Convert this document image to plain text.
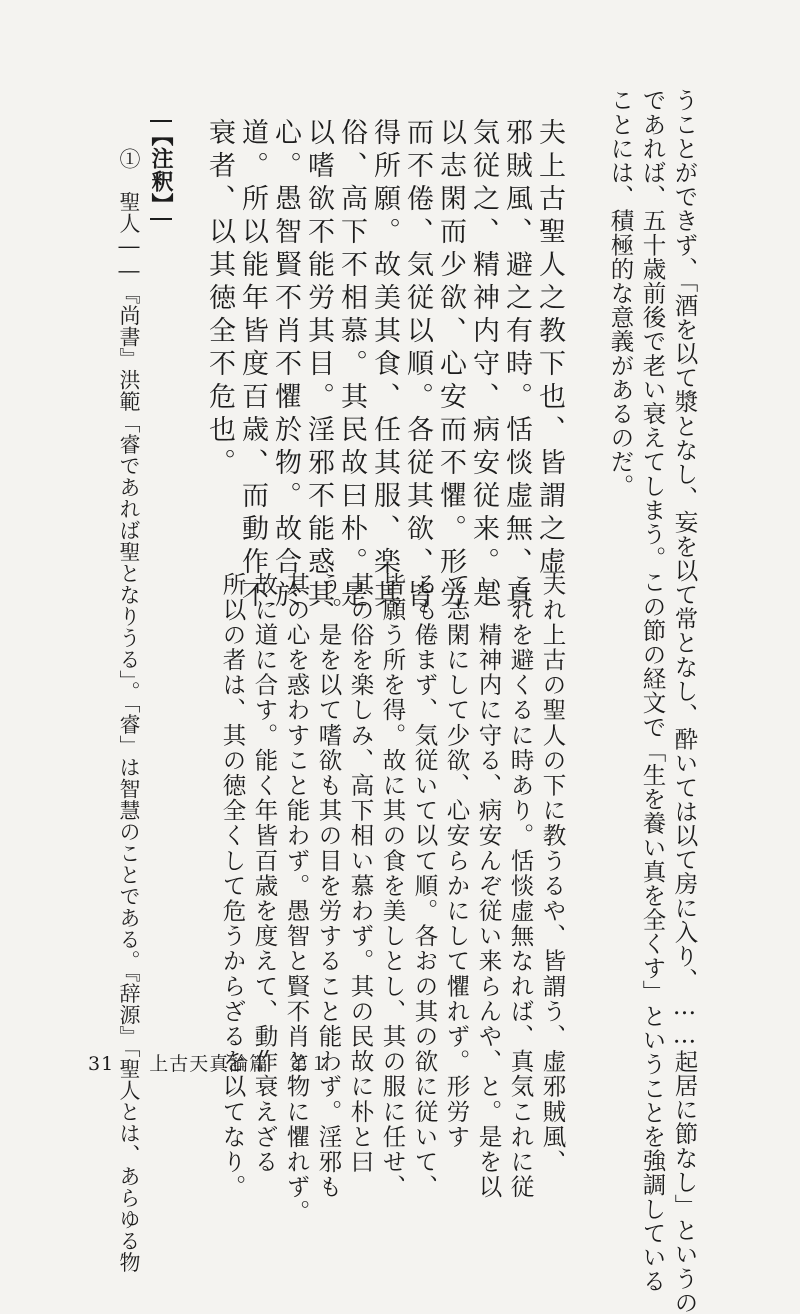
うことができず、「酒を以て漿となし、妄を以て常となし、酔いては以て房に入り、……起居に節なし」というの
であれば、五十歳前後で老い衰えてしまう。この節の経文で「生を養い真を全くす」ということを強調している
ことには、積極的な意義があるのだ。
夫れ上古の聖人の下に教うるや、皆謂う、虚邪賊風、
これを避くるに時あり。恬惔虚無なれば、真気これに従
い、精神内に守る、病安んぞ従い来らんや、と。是を以
て志閑にして少欲、心安らかにして懼れず。形労す
るも倦まず、気従いて以て順。各おの其の欲に従いて、
皆願う所を得。故に其の食を美しとし、其の服に任せ、
其の俗を楽しみ、高下相い慕わず。其の民故に朴と曰
う。是を以て嗜欲も其の目を労すること能わず。淫邪も
其の心を惑わすこと能わず。愚智と賢不肖と物に懼れず。
故に道に合す。能く年皆百歳を度えて、動作衰えざる
所以の者は、其の徳全くして危うからざるを以てなり。
夫上古聖人之教下也、皆謂之虚
邪賊風、避之有時。恬惔虚無、真
気従之、精神内守、病安従来。是
以志閑而少欲、心安而不懼。形労
而不倦、気従以順。各従其欲、皆
得所願。故美其食、任其服、楽其
俗、高下不相慕。其民故曰朴。是
以嗜欲不能労其目。淫邪不能惑其
心。愚智賢不肖不懼於物。故合於
道。所以能年皆度百歳、而動作不
衰者、以其徳全不危也。
【注釈】
①　聖人――『尚書』洪範「睿であれば聖となりうる」。「睿」は智慧のことである。『辞源』「聖人とは、あらゆる物
31 上古天真論篇　第１
